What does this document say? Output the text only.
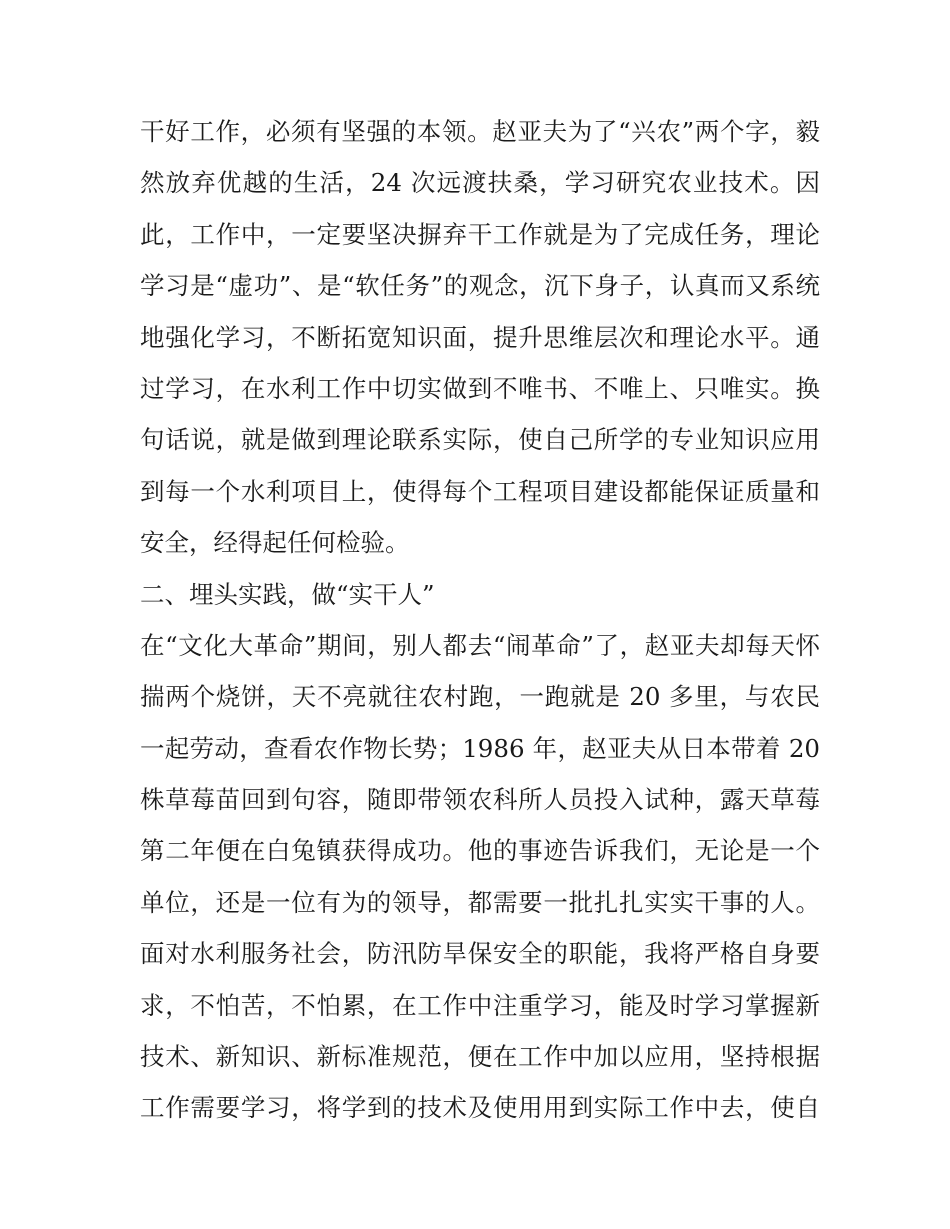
干好工作，必须有坚强的本领。赵亚夫为了“兴农”两个字，毅
然放弃优越的生活，24 次远渡扶桑，学习研究农业技术。因
此，工作中，一定要坚决摒弃干工作就是为了完成任务，理论
学习是“虚功”、是“软任务”的观念，沉下身子，认真而又系统
地强化学习，不断拓宽知识面，提升思维层次和理论水平。通
过学习，在水利工作中切实做到不唯书、不唯上、只唯实。换
句话说，就是做到理论联系实际，使自己所学的专业知识应用
到每一个水利项目上，使得每个工程项目建设都能保证质量和
安全，经得起任何检验。
二、埋头实践，做“实干人”
在“文化大革命”期间，别人都去“闹革命”了，赵亚夫却每天怀
揣两个烧饼，天不亮就往农村跑，一跑就是 20 多里，与农民
一起劳动，查看农作物长势；1986 年，赵亚夫从日本带着 20
株草莓苗回到句容，随即带领农科所人员投入试种，露天草莓
第二年便在白兔镇获得成功。他的事迹告诉我们，无论是一个
单位，还是一位有为的领导，都需要一批扎扎实实干事的人。
面对水利服务社会，防汛防旱保安全的职能，我将严格自身要
求，不怕苦，不怕累，在工作中注重学习，能及时学习掌握新
技术、新知识、新标准规范，便在工作中加以应用，坚持根据
工作需要学习，将学到的技术及使用用到实际工作中去，使自
